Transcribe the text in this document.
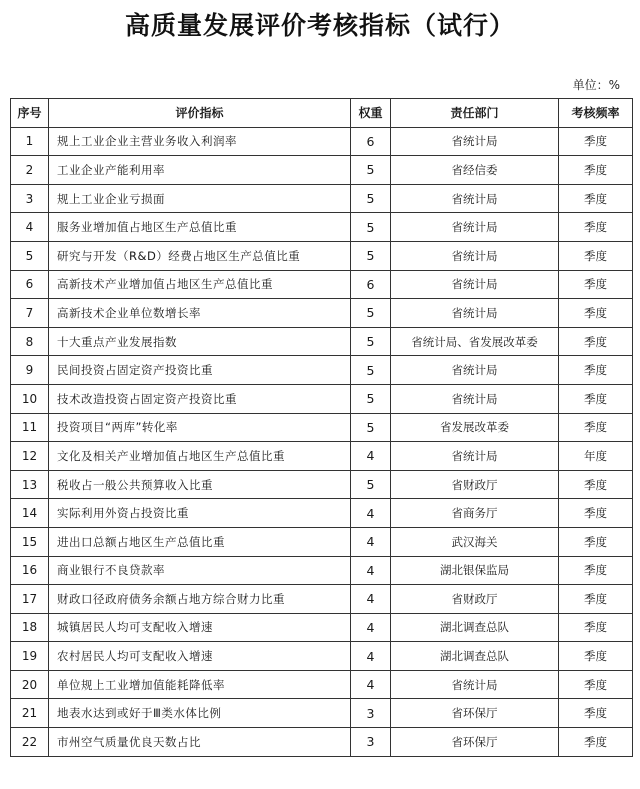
高质量发展评价考核指标（试行）
单位：%
序号	评价指标	权重	责任部门	考核频率
1	规上工业企业主营业务收入利润率	6	省统计局	季度
2	工业企业产能利用率	5	省经信委	季度
3	规上工业企业亏损面	5	省统计局	季度
4	服务业增加值占地区生产总值比重	5	省统计局	季度
5	研究与开发（R&D）经费占地区生产总值比重	5	省统计局	季度
6	高新技术产业增加值占地区生产总值比重	6	省统计局	季度
7	高新技术企业单位数增长率	5	省统计局	季度
8	十大重点产业发展指数	5	省统计局、省发展改革委	季度
9	民间投资占固定资产投资比重	5	省统计局	季度
10	技术改造投资占固定资产投资比重	5	省统计局	季度
11	投资项目“两库”转化率	5	省发展改革委	季度
12	文化及相关产业增加值占地区生产总值比重	4	省统计局	年度
13	税收占一般公共预算收入比重	5	省财政厅	季度
14	实际利用外资占投资比重	4	省商务厅	季度
15	进出口总额占地区生产总值比重	4	武汉海关	季度
16	商业银行不良贷款率	4	湖北银保监局	季度
17	财政口径政府债务余额占地方综合财力比重	4	省财政厅	季度
18	城镇居民人均可支配收入增速	4	湖北调查总队	季度
19	农村居民人均可支配收入增速	4	湖北调查总队	季度
20	单位规上工业增加值能耗降低率	4	省统计局	季度
21	地表水达到或好于Ⅲ类水体比例	3	省环保厅	季度
22	市州空气质量优良天数占比	3	省环保厅	季度
